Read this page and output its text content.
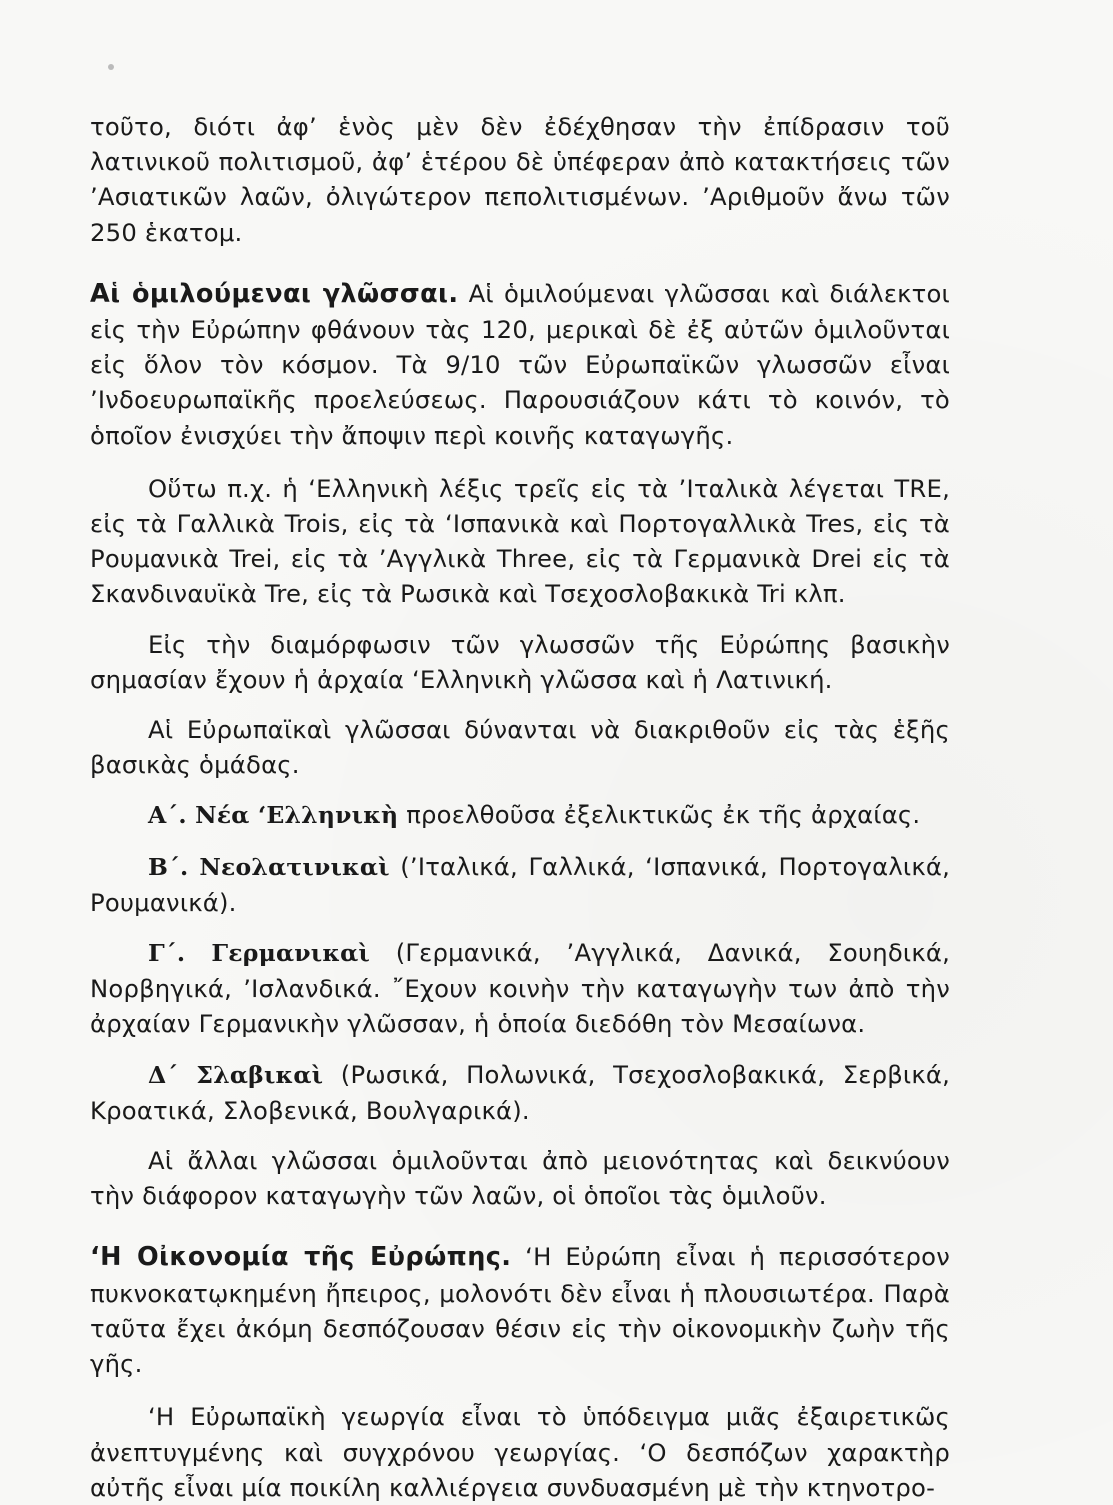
τοῦτο, διότι ἀφ’ ἑνὸς μὲν δὲν ἐδέχθησαν τὴν ἐπίδρασιν τοῦ λατινικοῦ πολιτισμοῦ, ἀφ’ ἑτέρου δὲ ὑπέφεραν ἀπὸ κατακτήσεις τῶν ’Ασιατικῶν λαῶν, ὀλιγώτερον πεπολιτισμένων. ’Αριθμοῦν ἄνω τῶν 250 ἑκατομ.

Αἱ ὁμιλούμεναι γλῶσσαι. Αἱ ὁμιλούμεναι γλῶσσαι καὶ διάλεκτοι εἰς τὴν Εὐρώπην φθάνουν τὰς 120, μερικαὶ δὲ ἐξ αὐτῶν ὁμιλοῦνται εἰς ὅλον τὸν κόσμον. Τὰ 9/10 τῶν Εὐρωπαϊκῶν γλωσσῶν εἶναι ’Ινδοευρωπαϊκῆς προελεύσεως. Παρουσιάζουν κάτι τὸ κοινόν, τὸ ὁποῖον ἐνισχύει τὴν ἄποψιν περὶ κοινῆς καταγωγῆς.

Οὕτω π.χ. ἡ ‘Ελληνικὴ λέξις τρεῖς εἰς τὰ ’Ιταλικὰ λέγεται TRE, εἰς τὰ Γαλλικὰ Trois, εἰς τὰ ‘Ισπανικὰ καὶ Πορτογαλλικὰ Tres, εἰς τὰ Ρουμανικὰ Trei, εἰς τὰ ’Αγγλικὰ Three, εἰς τὰ Γερμανικὰ Drei εἰς τὰ Σκανδιναυϊκὰ Tre, εἰς τὰ Ρωσικὰ καὶ Τσεχοσλοβακικὰ Tri κλπ.

Εἰς τὴν διαμόρφωσιν τῶν γλωσσῶν τῆς Εὐρώπης βασικὴν σημασίαν ἔχουν ἡ ἀρχαία ‘Ελληνικὴ γλῶσσα καὶ ἡ Λατινική.

Αἱ Εὐρωπαϊκαὶ γλῶσσαι δύνανται νὰ διακριθοῦν εἰς τὰς ἑξῆς βασικὰς ὁμάδας.

Α΄. Νέα ‘Ελληνικὴ προελθοῦσα ἐξελικτικῶς ἐκ τῆς ἀρχαίας.

Β΄. Νεολατινικαὶ (’Ιταλικά, Γαλλικά, ‘Ισπανικά, Πορτογαλικά, Ρουμανικά).

Γ΄. Γερμανικαὶ (Γερμανικά, ’Αγγλικά, Δανικά, Σουηδικά, Νορβηγικά, ’Ισλανδικά. ῎Εχουν κοινὴν τὴν καταγωγὴν των ἀπὸ τὴν ἀρχαίαν Γερμανικὴν γλῶσσαν, ἡ ὁποία διεδόθη τὸν Μεσαίωνα.

Δ΄ Σλαβικαὶ (Ρωσικά, Πολωνικά, Τσεχοσλοβακικά, Σερβικά, Κροατικά, Σλοβενικά, Βουλγαρικά).

Αἱ ἄλλαι γλῶσσαι ὁμιλοῦνται ἀπὸ μειονότητας καὶ δεικνύουν τὴν διάφορον καταγωγὴν τῶν λαῶν, οἱ ὁποῖοι τὰς ὁμιλοῦν.

‘Η Οἰκονομία τῆς Εὐρώπης. ‘Η Εὐρώπη εἶναι ἡ περισσότερον πυκνοκατῳκημένη ἤπειρος, μολονότι δὲν εἶναι ἡ πλουσιωτέρα. Παρὰ ταῦτα ἔχει ἀκόμη δεσπόζουσαν θέσιν εἰς τὴν οἰκονομικὴν ζωὴν τῆς γῆς.

‘Η Εὐρωπαϊκὴ γεωργία εἶναι τὸ ὑπόδειγμα μιᾶς ἐξαιρετικῶς ἀνεπτυγμένης καὶ συγχρόνου γεωργίας. ‘Ο δεσπόζων χαρακτὴρ αὐτῆς εἶναι μία ποικίλη καλλιέργεια συνδυασμένη μὲ τὴν κτηνοτρο-
